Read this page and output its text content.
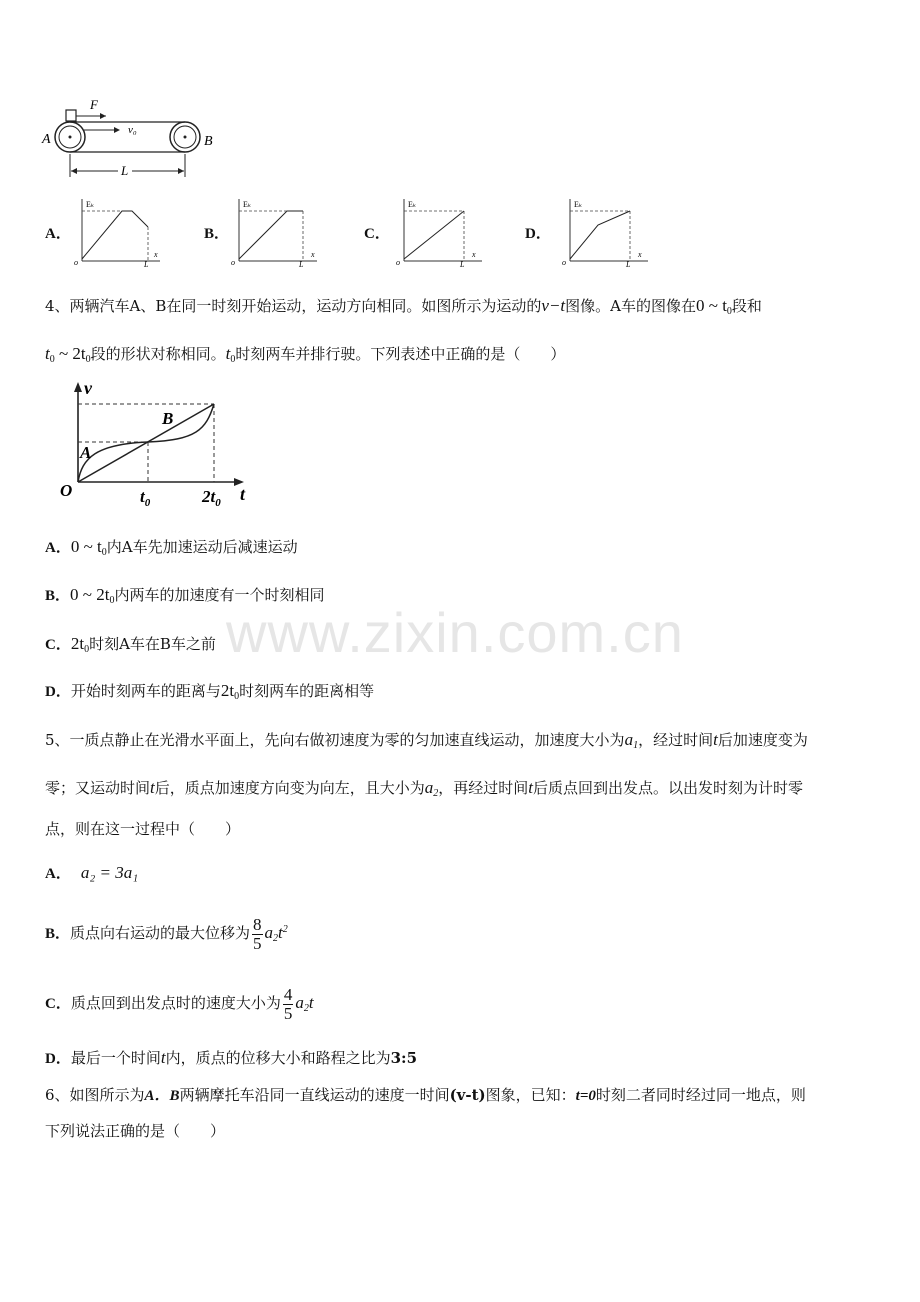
www.zixin.com.cn
A	B
F
v₀
L
A．
Eₖ
x
o	L
B．
Eₖ
x
o	L
C．
Eₖ
x
o	L
D．
Eₖ
x
o	L
4、两辆汽车A、B在同一时刻开始运动，运动方向相同。如图所示为运动的v−t图像。A车的图像在0 ~ $t_0$段和
$t_0$ ~ $2t_0$段的形状对称相同。$t_0$时刻两车并排行驶。下列表述中正确的是（　　）
v
t
O
A
B
$t_0$	$2t_0$
A．0 ~ $t_0$内A车先加速运动后减速运动
B．0 ~ $2t_0$内两车的加速度有一个时刻相同
C．$2t_0$时刻A车在B车之前
D．开始时刻两车的距离与$2t_0$时刻两车的距离相等
5、一质点静止在光滑水平面上，先向右做初速度为零的匀加速直线运动，加速度大小为$a_1$，经过时间t后加速度变为
零；又运动时间t后，质点加速度方向变为向左，且大小为$a_2$，再经过时间t后质点回到出发点。以出发时刻为计时零
点，则在这一过程中（　　）
A． a₂ = 3a₁
B．质点向右运动的最大位移为 $\frac{8}{5} a_2t^2$
C．质点回到出发点时的速度大小为 $\frac{4}{5} a_2t$
D．最后一个时间t内，质点的位移大小和路程之比为3:5
6、如图所示为A．B两辆摩托车沿同一直线运动的速度一时间(v-t)图象，已知：t=0时刻二者同时经过同一地点，则
下列说法正确的是（　　）
